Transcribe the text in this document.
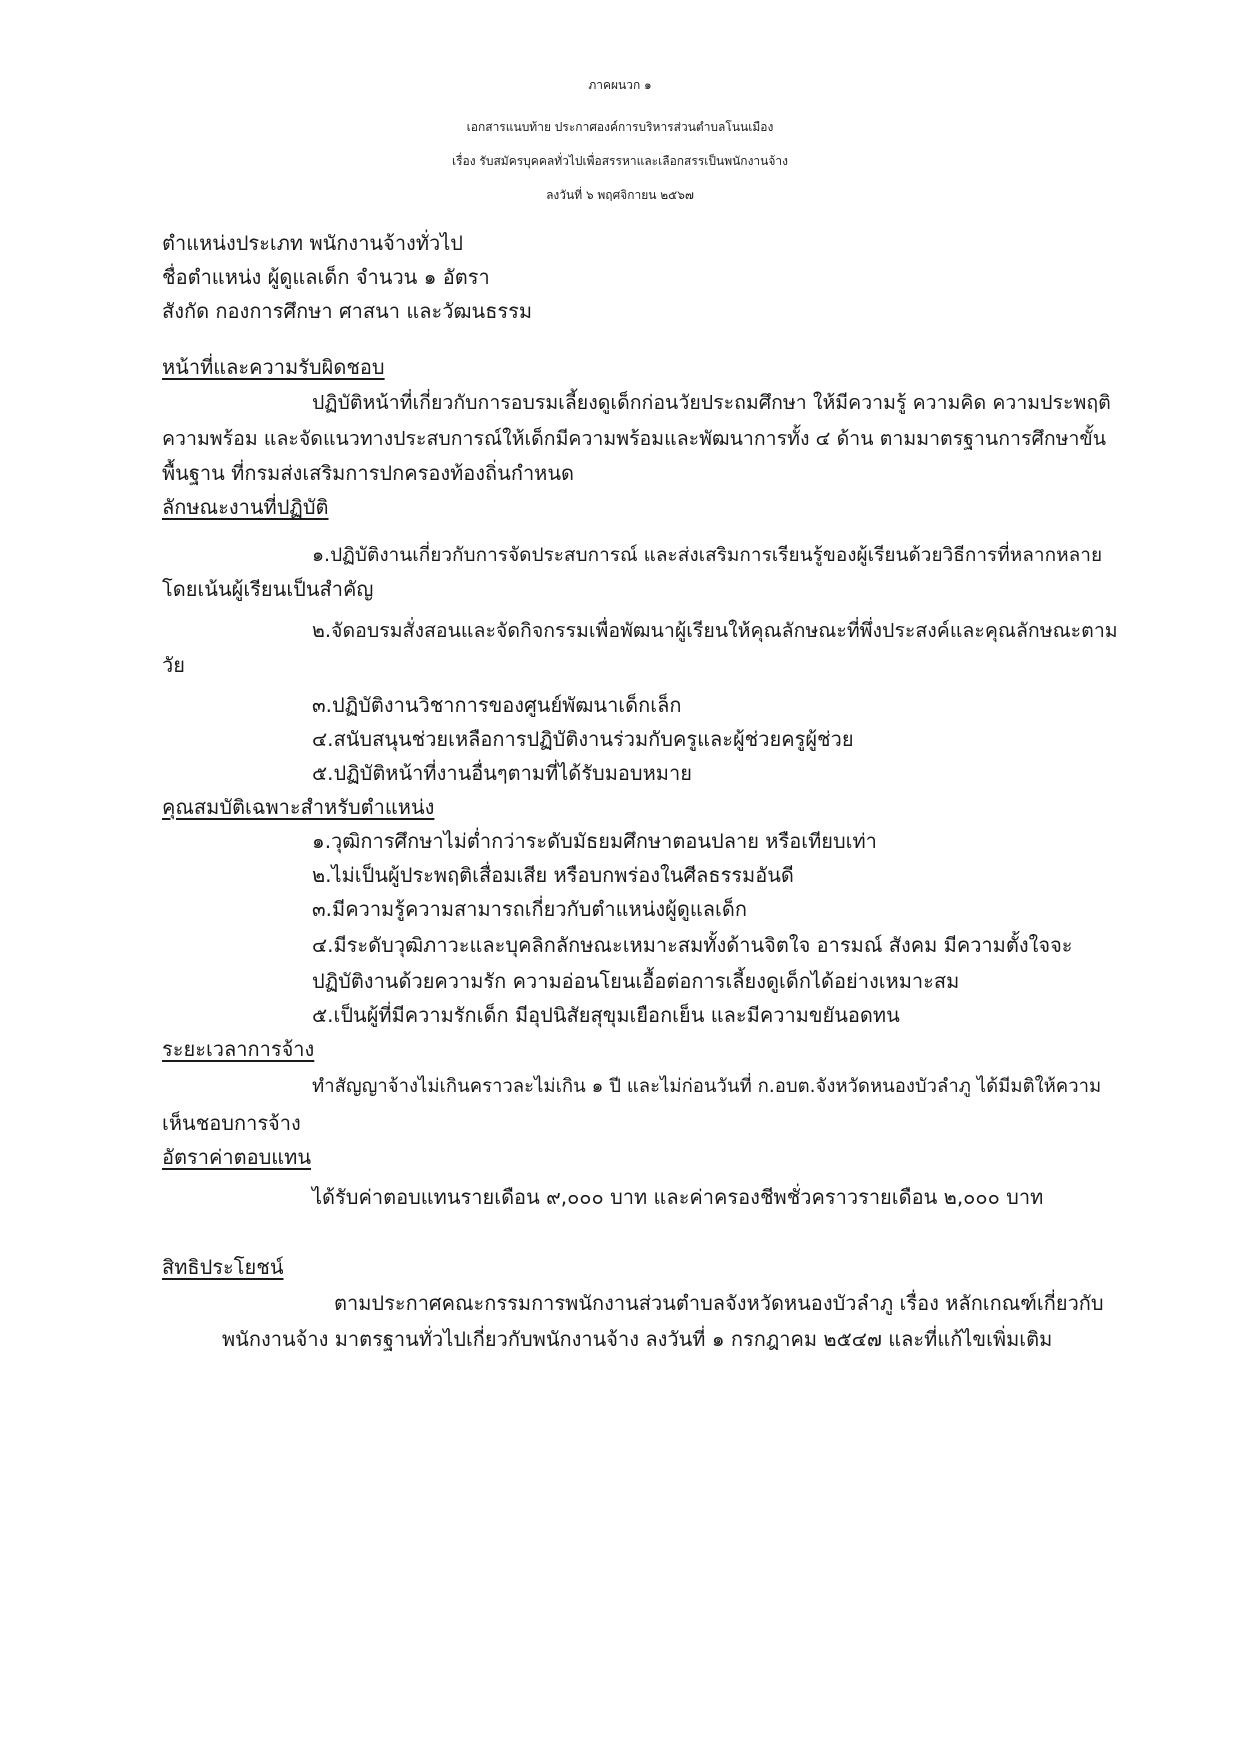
ภาคผนวก ๑
เอกสารแนบท้าย ประกาศองค์การบริหารส่วนตำบลโนนเมือง
เรื่อง รับสมัครบุคคลทั่วไปเพื่อสรรหาและเลือกสรรเป็นพนักงานจ้าง
ลงวันที่ ๖ พฤศจิกายน ๒๕๖๗
ตำแหน่งประเภท พนักงานจ้างทั่วไป
ชื่อตำแหน่ง ผู้ดูแลเด็ก จำนวน ๑ อัตรา
สังกัด กองการศึกษา ศาสนา และวัฒนธรรม
หน้าที่และความรับผิดชอบ
ปฏิบัติหน้าที่เกี่ยวกับการอบรมเลี้ยงดูเด็กก่อนวัยประถมศึกษา ให้มีความรู้ ความคิด ความประพฤติ
ความพร้อม และจัดแนวทางประสบการณ์ให้เด็กมีความพร้อมและพัฒนาการทั้ง ๔ ด้าน ตามมาตรฐานการศึกษาขั้น
พื้นฐาน ที่กรมส่งเสริมการปกครองท้องถิ่นกำหนด
ลักษณะงานที่ปฏิบัติ
๑.ปฏิบัติงานเกี่ยวกับการจัดประสบการณ์ และส่งเสริมการเรียนรู้ของผู้เรียนด้วยวิธีการที่หลากหลาย
โดยเน้นผู้เรียนเป็นสำคัญ
๒.จัดอบรมสั่งสอนและจัดกิจกรรมเพื่อพัฒนาผู้เรียนให้คุณลักษณะที่พึ่งประสงค์และคุณลักษณะตาม
วัย
๓.ปฏิบัติงานวิชาการของศูนย์พัฒนาเด็กเล็ก
๔.สนับสนุนช่วยเหลือการปฏิบัติงานร่วมกับครูและผู้ช่วยครูผู้ช่วย
๕.ปฏิบัติหน้าที่งานอื่นๆตามที่ได้รับมอบหมาย
คุณสมบัติเฉพาะสำหรับตำแหน่ง
๑.วุฒิการศึกษาไม่ต่ำกว่าระดับมัธยมศึกษาตอนปลาย หรือเทียบเท่า
๒.ไม่เป็นผู้ประพฤติเสื่อมเสีย หรือบกพร่องในศีลธรรมอันดี
๓.มีความรู้ความสามารถเกี่ยวกับตำแหน่งผู้ดูแลเด็ก
๔.มีระดับวุฒิภาวะและบุคลิกลักษณะเหมาะสมทั้งด้านจิตใจ อารมณ์ สังคม มีความตั้งใจจะ
ปฏิบัติงานด้วยความรัก ความอ่อนโยนเอื้อต่อการเลี้ยงดูเด็กได้อย่างเหมาะสม
๕.เป็นผู้ที่มีความรักเด็ก มีอุปนิสัยสุขุมเยือกเย็น และมีความขยันอดทน
ระยะเวลาการจ้าง
ทำสัญญาจ้างไม่เกินคราวละไม่เกิน ๑ ปี และไม่ก่อนวันที่ ก.อบต.จังหวัดหนองบัวลำภู ได้มีมติให้ความ
เห็นชอบการจ้าง
อัตราค่าตอบแทน
ได้รับค่าตอบแทนรายเดือน ๙,๐๐๐ บาท และค่าครองชีพชั่วคราวรายเดือน ๒,๐๐๐ บาท
สิทธิประโยชน์
ตามประกาศคณะกรรมการพนักงานส่วนตำบลจังหวัดหนองบัวลำภู เรื่อง หลักเกณฑ์เกี่ยวกับ
พนักงานจ้าง มาตรฐานทั่วไปเกี่ยวกับพนักงานจ้าง ลงวันที่ ๑ กรกฎาคม ๒๕๔๗ และที่แก้ไขเพิ่มเติม
